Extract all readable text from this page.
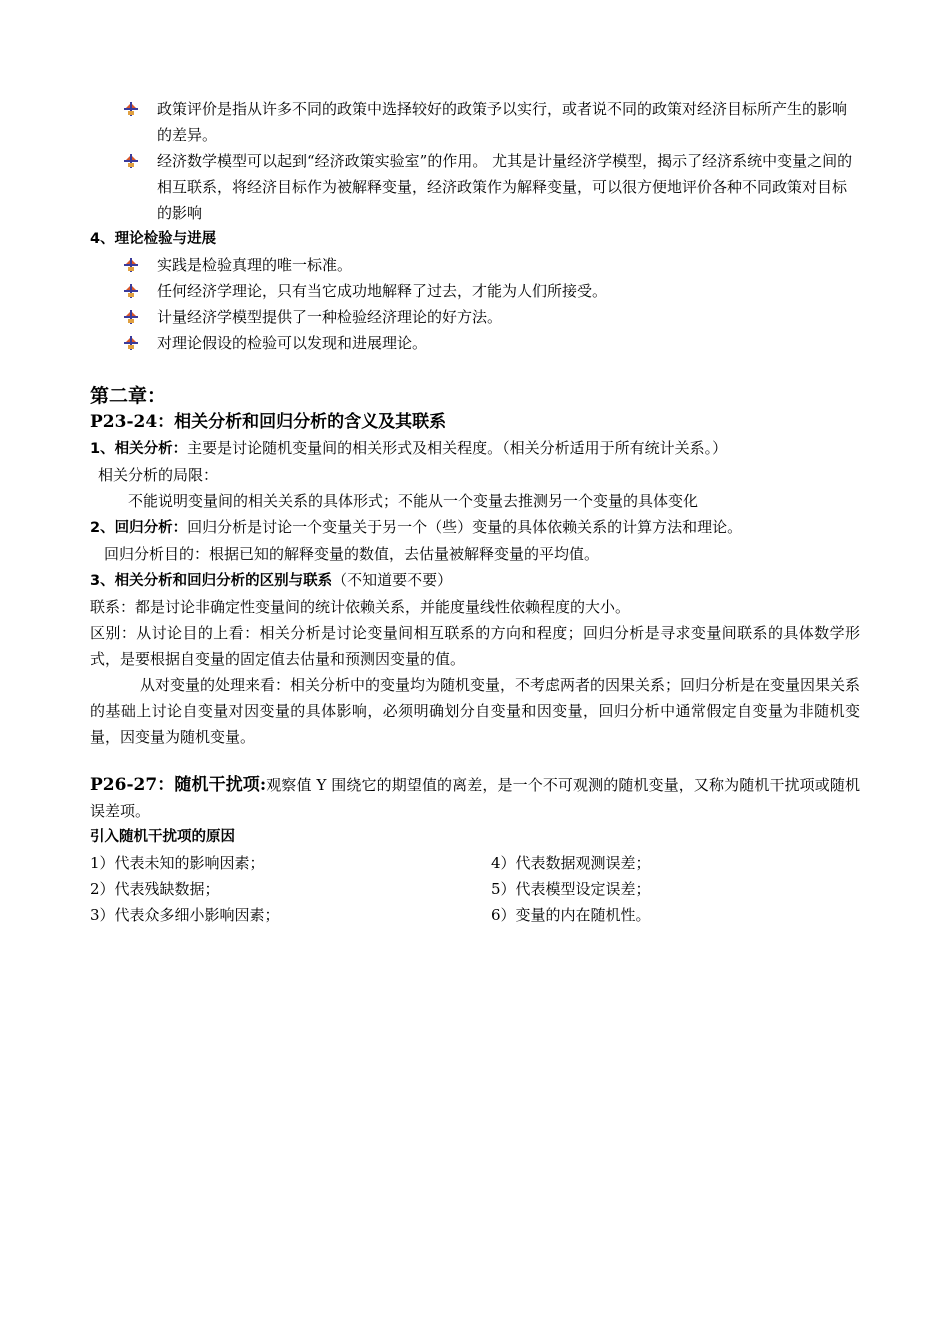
政策评价是指从许多不同的政策中选择较好的政策予以实行，或者说不同的政策对经济目标所产生的影响的差异。
经济数学模型可以起到“经济政策实验室”的作用。 尤其是计量经济学模型，揭示了经济系统中变量之间的相互联系，将经济目标作为被解释变量，经济政策作为解释变量，可以很方便地评价各种不同政策对目标的影响
4、理论检验与进展
实践是检验真理的唯一标准。
任何经济学理论，只有当它成功地解释了过去，才能为人们所接受。
计量经济学模型提供了一种检验经济理论的好方法。
对理论假设的检验可以发现和进展理论。
第二章：
P23-24：相关分析和回归分析的含义及其联系

1、相关分析：主要是讨论随机变量间的相关形式及相关程度。（相关分析适用于所有统计关系。）

相关分析的局限：

不能说明变量间的相关关系的具体形式；不能从一个变量去推测另一个变量的具体变化

2、回归分析：回归分析是讨论一个变量关于另一个（些）变量的具体依赖关系的计算方法和理论。

回归分析目的：根据已知的解释变量的数值，去估量被解释变量的平均值。

3、相关分析和回归分析的区别与联系（不知道要不要）

联系：都是讨论非确定性变量间的统计依赖关系，并能度量线性依赖程度的大小。

区别：从讨论目的上看：相关分析是讨论变量间相互联系的方向和程度；回归分析是寻求变量间联系的具体数学形式，是要根据自变量的固定值去估量和预测因变量的值。

从对变量的处理来看：相关分析中的变量均为随机变量，不考虑两者的因果关系；回归分析是在变量因果关系的基础上讨论自变量对因变量的具体影响，必须明确划分自变量和因变量，回归分析中通常假定自变量为非随机变量，因变量为随机变量。

P26-27：随机干扰项:观察值 Y 围绕它的期望值的离差，是一个不可观测的随机变量，又称为随机干扰项或随机误差项。

引入随机干扰项的原因
1）代表未知的影响因素；	4）代表数据观测误差；
2）代表残缺数据；	5）代表模型设定误差；
3）代表众多细小影响因素；	6）变量的内在随机性。
